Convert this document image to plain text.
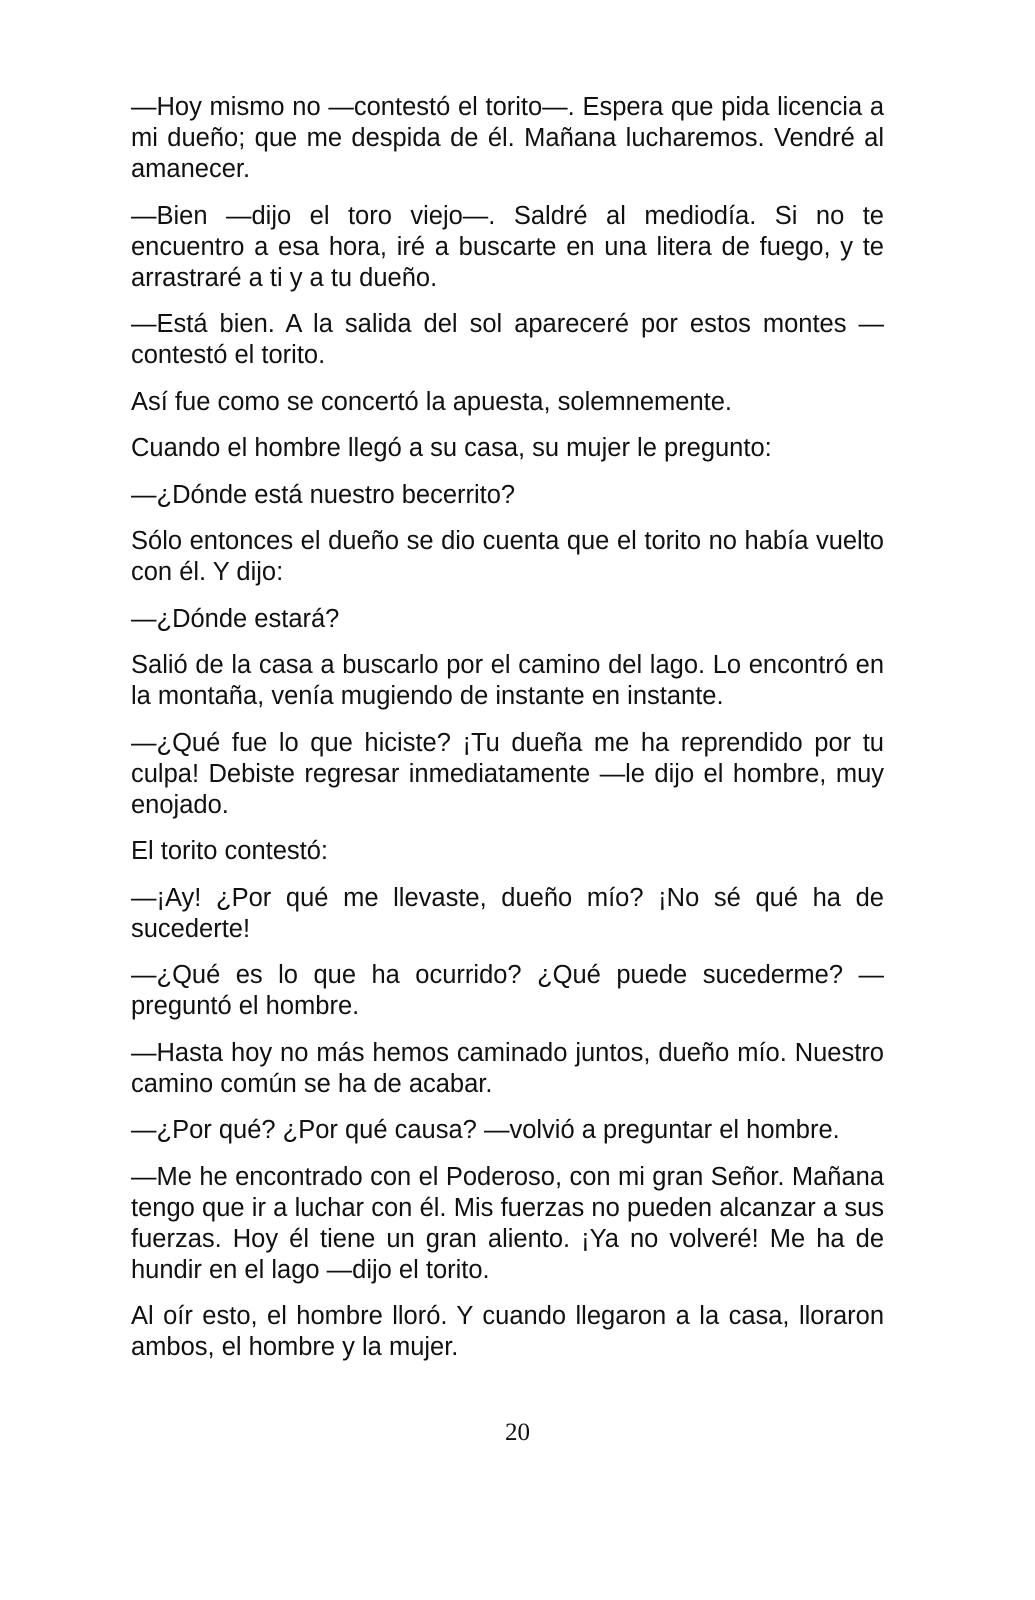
—Hoy mismo no —contestó el torito—. Espera que pida licencia a mi dueño; que me despida de él. Mañana lucharemos. Vendré al amanecer.

—Bien —dijo el toro viejo—. Saldré al mediodía. Si no te encuentro a esa hora, iré a buscarte en una litera de fuego, y te arrastraré a ti y a tu dueño.

—Está bien. A la salida del sol apareceré por estos montes —contestó el torito.

Así fue como se concertó la apuesta, solemnemente.

Cuando el hombre llegó a su casa, su mujer le pregunto:

—¿Dónde está nuestro becerrito?

Sólo entonces el dueño se dio cuenta que el torito no había vuelto con él. Y dijo:

—¿Dónde estará?

Salió de la casa a buscarlo por el camino del lago. Lo encontró en la montaña, venía mugiendo de instante en instante.

—¿Qué fue lo que hiciste? ¡Tu dueña me ha reprendido por tu culpa! Debiste regresar inmediatamente —le dijo el hombre, muy enojado.

El torito contestó:

—¡Ay! ¿Por qué me llevaste, dueño mío? ¡No sé qué ha de sucederte!

—¿Qué es lo que ha ocurrido? ¿Qué puede sucederme? —preguntó el hombre.

—Hasta hoy no más hemos caminado juntos, dueño mío. Nuestro camino común se ha de acabar.

—¿Por qué? ¿Por qué causa? —volvió a preguntar el hombre.

—Me he encontrado con el Poderoso, con mi gran Señor. Mañana tengo que ir a luchar con él. Mis fuerzas no pueden alcanzar a sus fuerzas. Hoy él tiene un gran aliento. ¡Ya no volveré! Me ha de hundir en el lago —dijo el torito.

Al oír esto, el hombre lloró. Y cuando llegaron a la casa, lloraron ambos, el hombre y la mujer.

20
